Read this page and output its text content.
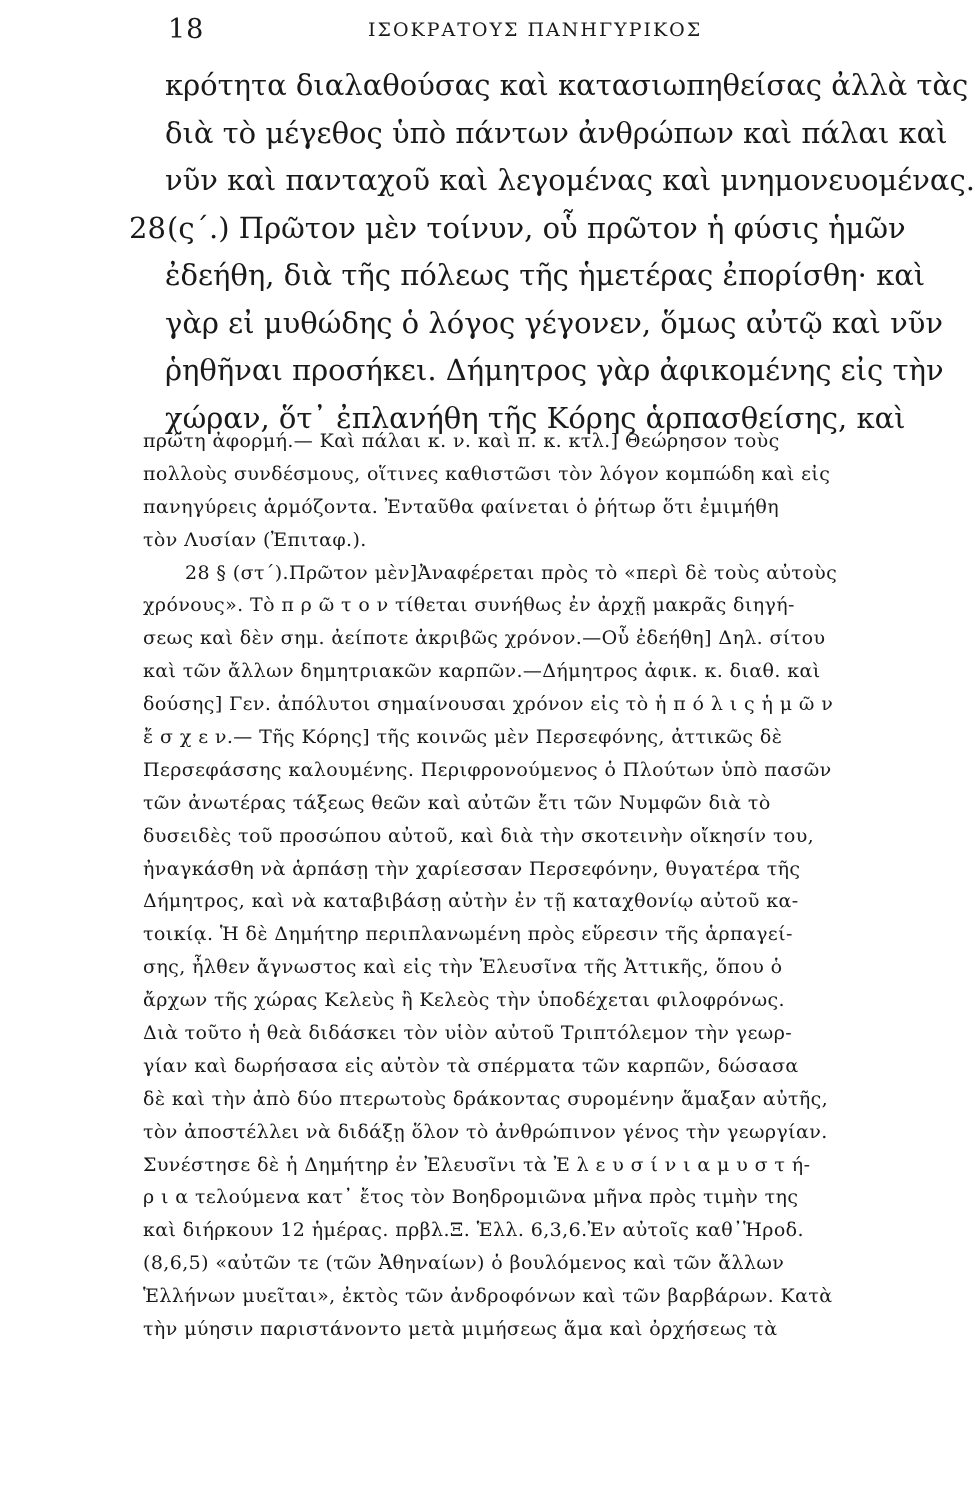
18	ΙΣΟΚΡΑΤΟΥΣ ΠΑΝΗΓΥΡΙΚΟΣ
κρότητα διαλαθούσας καὶ κατασιωπηθείσας ἀλλὰ τὰς
διὰ τὸ μέγεθος ὑπὸ πάντων ἀνθρώπων καὶ πάλαι καὶ
νῦν καὶ πανταχοῦ καὶ λεγομένας καὶ μνημονευομένας.
28(ς΄.) Πρῶτον μὲν τοίνυν, οὗ πρῶτον ἡ φύσις ἡμῶν
ἐδεήθη, διὰ τῆς πόλεως τῆς ἡμετέρας ἐπορίσθη· καὶ
γὰρ εἰ μυθώδης ὁ λόγος γέγονεν, ὅμως αὐτῷ καὶ νῦν
ῥηθῆναι προσήκει. Δήμητρος γὰρ ἀφικομένης εἰς τὴν
χώραν, ὅτ᾽ ἐπλανήθη τῆς Κόρης ἁρπασθείσης, καὶ
πρώτη ἀφορμή.— Καὶ πάλαι κ. ν. καὶ π. κ. κτλ.] Θεώρησον τοὺς
πολλοὺς συνδέσμους, οἵτινες καθιστῶσι τὸν λόγον κομπώδη καὶ εἰς
πανηγύρεις ἁρμόζοντα. Ἐνταῦθα φαίνεται ὁ ῥήτωρ ὅτι ἐμιμήθη
τὸν Λυσίαν (Ἐπιταφ.).
28 § (στ΄).Πρῶτον μὲν]Ἀναφέρεται πρὸς τὸ «περὶ δὲ τοὺς αὐτοὺς
χρόνους». Τὸ π ρ ῶ τ ο ν τίθεται συνήθως ἐν ἀρχῇ μακρᾶς διηγή-
σεως καὶ δὲν σημ. ἀείποτε ἀκριβῶς χρόνον.—Οὗ ἐδεήθη] Δηλ. σίτου
καὶ τῶν ἄλλων δημητριακῶν καρπῶν.—Δήμητρος ἀφικ. κ. διαθ. καὶ
δούσης] Γεν. ἀπόλυτοι σημαίνουσαι χρόνον εἰς τὸ ἡ π ό λ ι ς ἡ μ ῶ ν
ἔ σ χ ε ν.— Τῆς Κόρης] τῆς κοινῶς μὲν Περσεφόνης, ἀττικῶς δὲ
Περσεφάσσης καλουμένης. Περιφρονούμενος ὁ Πλούτων ὑπὸ πασῶν
τῶν ἀνωτέρας τάξεως θεῶν καὶ αὐτῶν ἔτι τῶν Νυμφῶν διὰ τὸ
δυσειδὲς τοῦ προσώπου αὐτοῦ, καὶ διὰ τὴν σκοτεινὴν οἴκησίν του,
ἠναγκάσθη νὰ ἁρπάσῃ τὴν χαρίεσσαν Περσεφόνην, θυγατέρα τῆς
Δήμητρος, καὶ νὰ καταβιβάσῃ αὐτὴν ἐν τῇ καταχθονίῳ αὐτοῦ κα-
τοικίᾳ. Ἡ δὲ Δημήτηρ περιπλανωμένη πρὸς εὕρεσιν τῆς ἁρπαγεί-
σης, ἦλθεν ἄγνωστος καὶ εἰς τὴν Ἐλευσῖνα τῆς Ἀττικῆς, ὅπου ὁ
ἄρχων τῆς χώρας Κελεὺς ἢ Κελεὸς τὴν ὑποδέχεται φιλοφρόνως.
Διὰ τοῦτο ἡ θεὰ διδάσκει τὸν υἱὸν αὐτοῦ Τριπτόλεμον τὴν γεωρ-
γίαν καὶ δωρήσασα εἰς αὐτὸν τὰ σπέρματα τῶν καρπῶν, δώσασα
δὲ καὶ τὴν ἀπὸ δύο πτερωτοὺς δράκοντας συρομένην ἅμαξαν αὐτῆς,
τὸν ἀποστέλλει νὰ διδάξῃ ὅλον τὸ ἀνθρώπινον γένος τὴν γεωργίαν.
Συνέστησε δὲ ἡ Δημήτηρ ἐν Ἐλευσῖνι τὰ Ἐ λ ε υ σ ί ν ι α μ υ σ τ ή-
ρ ι α τελούμενα κατ᾽ ἔτος τὸν Βοηδρομιῶνα μῆνα πρὸς τιμὴν της
καὶ διήρκουν 12 ἡμέρας. πρβλ.Ξ. Ἑλλ. 6,3,6.Ἐν αὐτοῖς καθ᾽Ἡροδ.
(8,6,5) «αὐτῶν τε (τῶν Ἀθηναίων) ὁ βουλόμενος καὶ τῶν ἄλλων
Ἑλλήνων μυεῖται», ἐκτὸς τῶν ἀνδροφόνων καὶ τῶν βαρβάρων. Κατὰ
τὴν μύησιν παριστάνοντο μετὰ μιμήσεως ἅμα καὶ ὀρχήσεως τὰ
